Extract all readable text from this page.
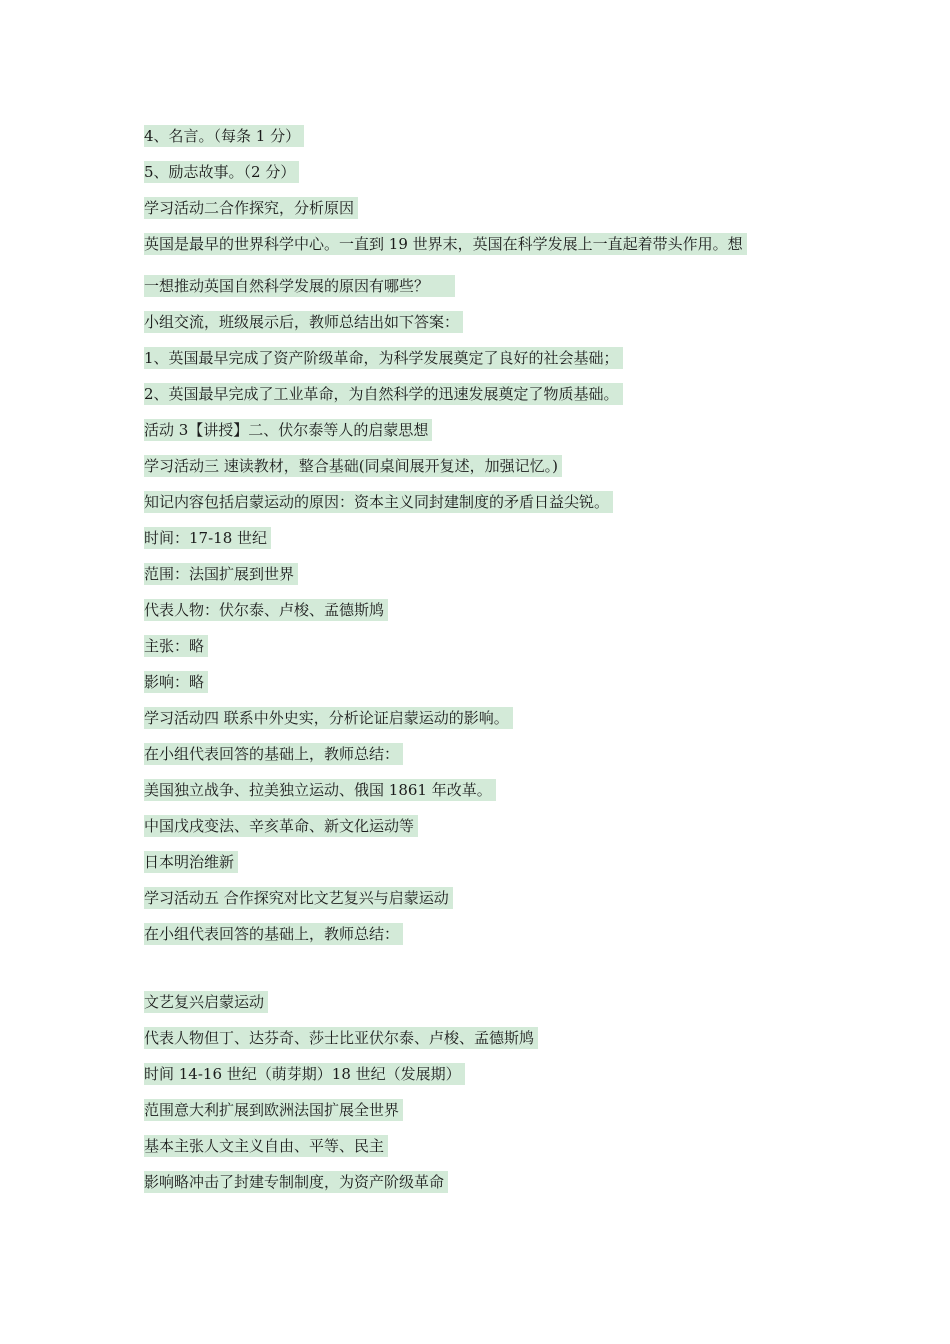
4、名言。（每条 1 分）
5、励志故事。（2 分）
学习活动二合作探究，分析原因
英国是最早的世界科学中心。一直到 19 世界末，英国在科学发展上一直起着带头作用。想
一想推动英国自然科学发展的原因有哪些？
小组交流，班级展示后，教师总结出如下答案：
1、英国最早完成了资产阶级革命，为科学发展奠定了良好的社会基础；
2、英国最早完成了工业革命，为自然科学的迅速发展奠定了物质基础。
活动 3【讲授】二、伏尔泰等人的启蒙思想
学习活动三 速读教材，整合基础(同桌间展开复述，加强记忆。)
知记内容包括启蒙运动的原因：资本主义同封建制度的矛盾日益尖锐。
时间：17-18 世纪
范围：法国扩展到世界
代表人物：伏尔泰、卢梭、孟德斯鸠
主张：略
影响：略
学习活动四 联系中外史实，分析论证启蒙运动的影响。
在小组代表回答的基础上，教师总结：
美国独立战争、拉美独立运动、俄国 1861 年改革。
中国戊戌变法、辛亥革命、新文化运动等
日本明治维新
学习活动五 合作探究对比文艺复兴与启蒙运动
在小组代表回答的基础上，教师总结：
文艺复兴启蒙运动
代表人物但丁、达芬奇、莎士比亚伏尔泰、卢梭、孟德斯鸠
时间 14-16 世纪（萌芽期）18 世纪（发展期）
范围意大利扩展到欧洲法国扩展全世界
基本主张人文主义自由、平等、民主
影响略冲击了封建专制制度，为资产阶级革命
